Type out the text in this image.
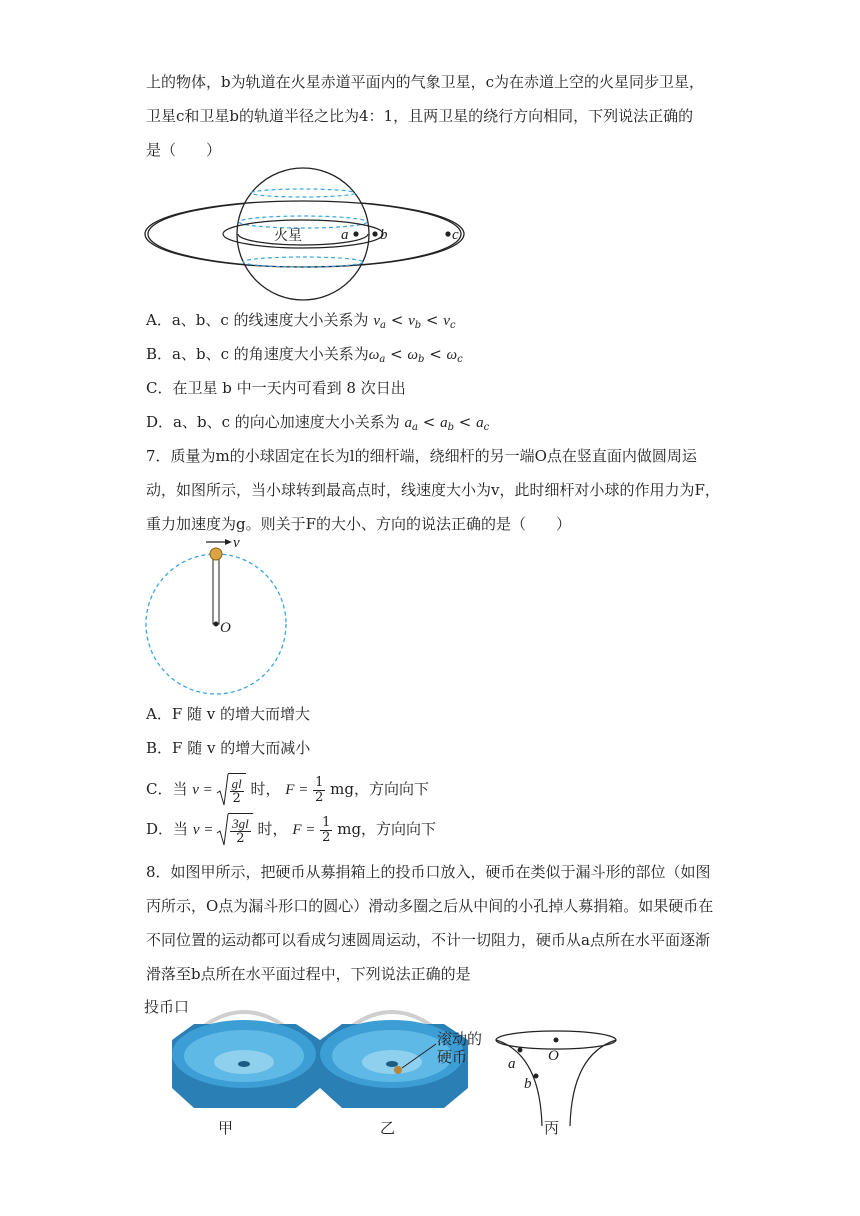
上的物体，b为轨道在火星赤道平面内的气象卫星，c为在赤道上空的火星同步卫星，
卫星c和卫星b的轨道半径之比为4：1，且两卫星的绕行方向相同，下列说法正确的
是（　　）
火星	a b	c
A．a、b、c 的线速度大小关系为 $v_a < v_b < v_c$
B．a、b、c 的角速度大小关系为$\omega_a < \omega_b < \omega_c$
C．在卫星 b 中一天内可看到 8 次日出
D．a、b、c 的向心加速度大小关系为 $a_a < a_b < a_c$
7．质量为m的小球固定在长为l的细杆端，绕细杆的另一端O点在竖直面内做圆周运
动，如图所示，当小球转到最高点时，线速度大小为v，此时细杆对小球的作用力为F，
重力加速度为g。则关于F的大小、方向的说法正确的是（　　）
v
O
A．F 随 v 的增大而增大
B．F 随 v 的增大而减小
C．当 $v = \frac{gl}{2}$ 时， $F = \frac{1}{2}$ mg，方向向下
D．当 $v = \frac{3gl}{2}$ 时， $F = \frac{1}{2}$ mg，方向向下
8．如图甲所示，把硬币从募捐箱上的投币口放入，硬币在类似于漏斗形的部位（如图
丙所示，O点为漏斗形口的圆心）滑动多圈之后从中间的小孔掉人募捐箱。如果硬币在
不同位置的运动都可以看成匀速圆周运动，不计一切阻力，硬币从a点所在水平面逐渐
滑落至b点所在水平面过程中，下列说法正确的是
投币口
滚动的
硬币	O
a
b
甲	乙	丙
